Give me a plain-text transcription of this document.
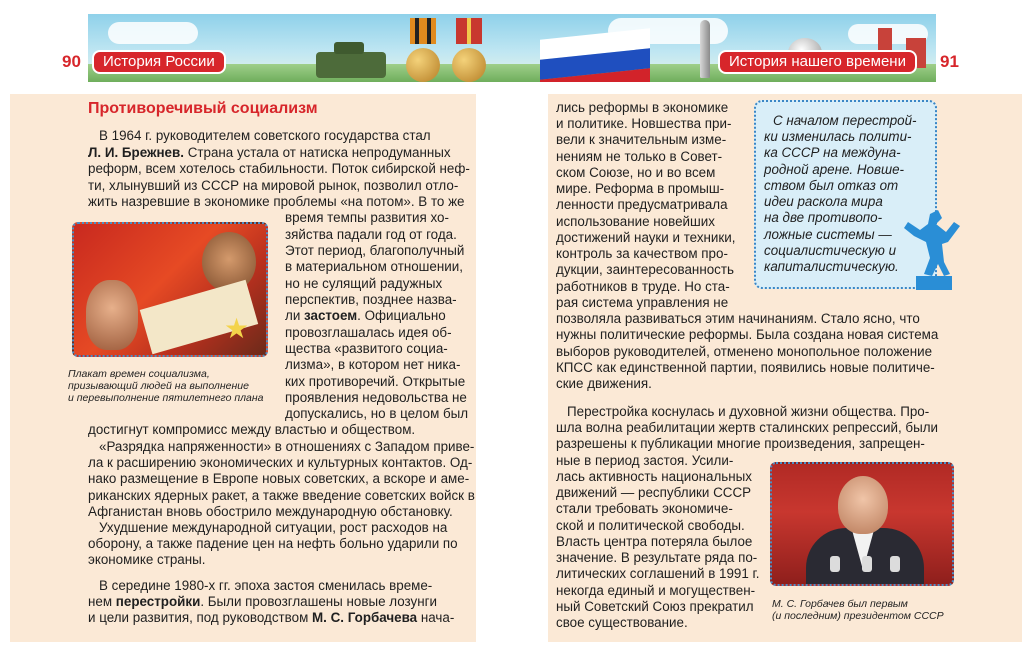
90	История России	История нашего времени	91
Противоречивый социализм
В 1964 г. руководителем советского государства стал
Л. И. Брежнев. Страна устала от натиска непродуманных
реформ, всем хотелось стабильности. Поток сибирской неф-
ти, хлынувший из СССР на мировой рынок, позволил отло-
жить назревшие в экономике проблемы «на потом». В то же
★
Плакат времен социализма,
призывающий людей на выполнение
и перевыполнение пятилетнего плана
время темпы развития хо-
зяйства падали год от года.
Этот период, благополучный
в материальном отношении,
но не сулящий радужных
перспектив, позднее назва-
ли застоем. Официально
провозглашалась идея об-
щества «развитого социа-
лизма», в котором нет ника-
ких противоречий. Открытые
проявления недовольства не
допускались, но в целом был
достигнут компромисс между властью и обществом.
«Разрядка напряженности» в отношениях с Западом приве-
ла к расширению экономических и культурных контактов. Од-
нако размещение в Европе новых советских, а вскоре и аме-
риканских ядерных ракет, а также введение советских войск в
Афганистан вновь обострило международную обстановку.
Ухудшение международной ситуации, рост расходов на
оборону, а также падение цен на нефть больно ударили по
экономике страны.
В середине 1980-х гг. эпоха застоя сменилась времe-
нем перестройки. Были провозглашены новые лозунги
и цели развития, под руководством М. С. Горбачева нача-
лись реформы в экономике
и политике. Новшества при-
вели к значительным изме-
нениям не только в Совет-
ском Союзе, но и во всем
мире. Реформа в промыш-
ленности предусматривала
использование новейших
достижений науки и техники,
контроль за качеством про-
дукции, заинтересованность
работников в труде. Но ста-
рая система управления не
С началом перестрой-
ки изменилась полити-
ка СССР на междуна-
родной арене. Новше-
ством был отказ от
идеи раскола мира
на две противопо-
ложные системы —
социалистическую и
капиталистическую.
позволяла развиваться этим начинаниям. Стало ясно, что
нужны политические реформы. Была создана новая система
выборов руководителей, отменено монопольное положение
КПСС как единственной партии, появились новые политиче-
ские движения.
Перестройка коснулась и духовной жизни общества. Про-
шла волна реабилитации жертв сталинских репрессий, были
разрешены к публикации многие произведения, запрещен-
ные в период застоя. Усили-
лась активность национальных
движений — республики СССР
стали требовать экономиче-
ской и политической свободы.
Власть центра потеряла былое
значение. В результате ряда по-
литических соглашений в 1991 г.
некогда единый и могуществен-
ный Советский Союз прекратил
свое существование.
М. С. Горбачев был первым
(и последним) президентом СССР
